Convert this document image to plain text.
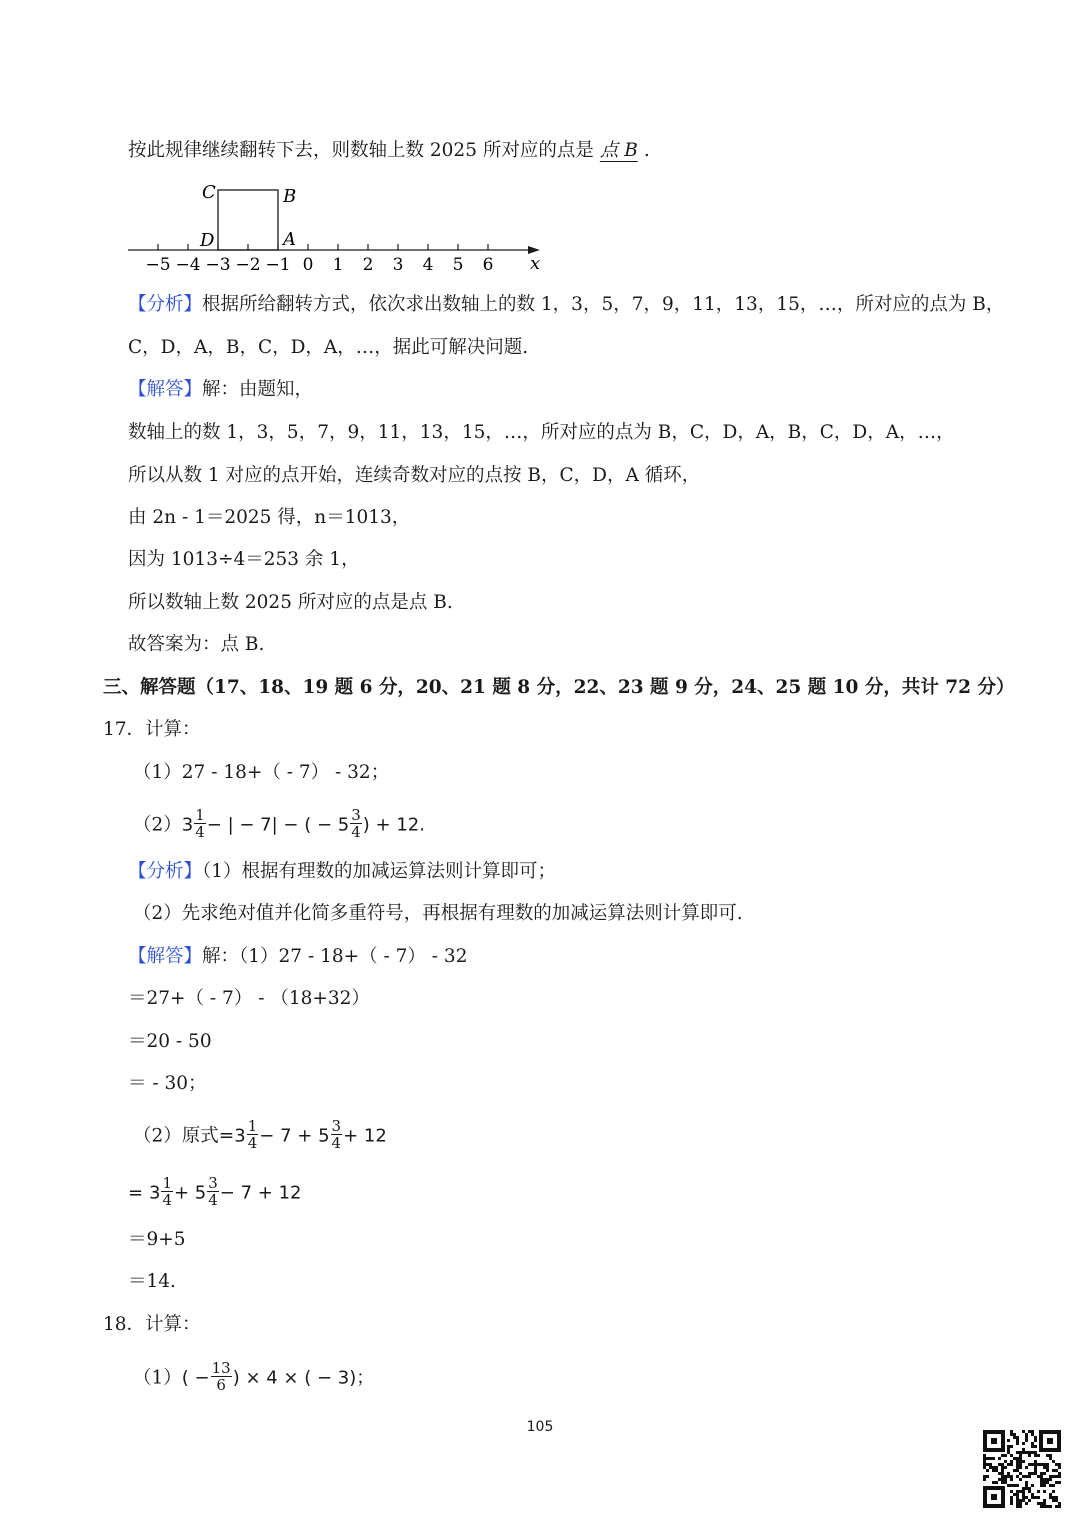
按此规律继续翻转下去，则数轴上数 2025 所对应的点是 点 B .
C	B
D	A
x
−5 −4 −3 −2 −1 0 1 2 3 4 5 6
【分析】根据所给翻转方式，依次求出数轴上的数 1，3，5，7，9，11，13，15，…，所对应的点为 B，
C，D，A，B，C，D，A，…，据此可解决问题.
【解答】解：由题知，
数轴上的数 1，3，5，7，9，11，13，15，…，所对应的点为 B，C，D，A，B，C，D，A，…，
所以从数 1 对应的点开始，连续奇数对应的点按 B，C，D，A 循环，
由 2n - 1＝2025 得，n＝1013，
因为 1013÷4＝253 余 1，
所以数轴上数 2025 所对应的点是点 B.
故答案为：点 B.
三、解答题（17、18、19 题 6 分，20、21 题 8 分，22、23 题 9 分，24、25 题 10 分，共计 72 分）
17．计算：
（1）27 - 18+（ - 7） - 32；
$(2)3 \frac{1}{4}$ − | − 7| − ( − $5 \frac{3}{4}$ ) + 12.
【分析】（1）根据有理数的加减运算法则计算即可；
（2）先求绝对值并化简多重符号，再根据有理数的加减运算法则计算即可.
【解答】解：（1）27 - 18+（ - 7） - 32
＝27+（ - 7） - （18+32）
＝20 - 50
＝ - 30；
（2）原式$=3 \frac{1}{4} - 7 + 5 \frac{3}{4} + 12$
= $3 \frac{1}{4} + 5 \frac{3}{4} - 7 + 12$
＝9+5
＝14.
18．计算：
$(1)( - \frac{13}{6}$ ) × 4 × ( − 3)；
105
